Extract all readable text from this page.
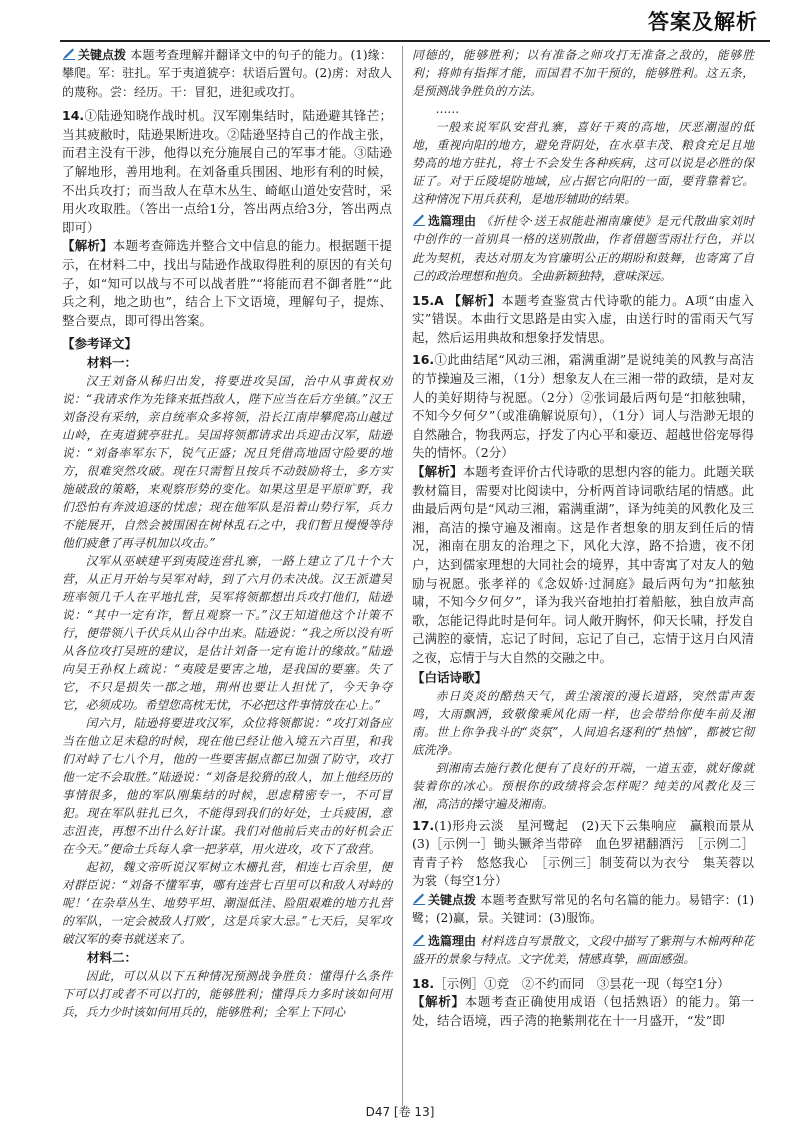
答案及解析

关键点拨 本题考查理解并翻译文中的句子的能力。(1)缘：攀爬。军：驻扎。军于夷道猇亭：状语后置句。(2)虏：对敌人的蔑称。尝：经历。干：冒犯，进犯或攻打。

14.①陆逊知晓作战时机。汉军刚集结时，陆逊避其锋芒；当其疲敝时，陆逊果断进攻。②陆逊坚持自己的作战主张，而君主没有干涉，他得以充分施展自己的军事才能。③陆逊了解地形，善用地利。在刘备重兵围困、地形有利的时候，不出兵攻打；而当敌人在草木丛生、崎岖山道处安营时，采用火攻取胜。（答出一点给1分，答出两点给3分，答出两点即可）

【解析】本题考查筛选并整合文中信息的能力。根据题干提示，在材料二中，找出与陆逊作战取得胜利的原因的有关句子，如“知可以战与不可以战者胜”“将能而君不御者胜”“此兵之利，地之助也”，结合上下文语境，理解句子，提炼、整合要点，即可得出答案。

【参考译文】

材料一：

汉王刘备从秭归出发，将要进攻吴国，治中从事黄权劝说：“我请求作为先锋来抵挡敌人，陛下应当在后方坐镇。”汉王刘备没有采纳，亲自统率众多将领，沿长江南岸攀爬高山越过山岭，在夷道猇亭驻扎。吴国将领都请求出兵迎击汉军，陆逊说：“刘备率军东下，锐气正盛；况且凭借高地固守险要的地方，很难突然攻破。现在只需暂且按兵不动鼓励将士，多方实施破敌的策略，来观察形势的变化。如果这里是平原旷野，我们恐怕有奔波追逐的忧虑；现在他军队是沿着山势行军，兵力不能展开，自然会被围困在树林乱石之中，我们暂且慢慢等待他们疲惫了再寻机加以攻击。”

汉军从巫峡建平到夷陵连营扎寨，一路上建立了几十个大营，从正月开始与吴军对峙，到了六月仍未决战。汉王派遣吴班率领几千人在平地扎营，吴军将领都想出兵攻打他们，陆逊说：“其中一定有诈，暂且观察一下。”汉王知道他这个计策不行，便带领八千伏兵从山谷中出来。陆逊说：“我之所以没有听从各位攻打吴班的建议，是估计刘备一定有诡计的缘故。”陆逊向吴王孙权上疏说：“夷陵是要害之地，是我国的要塞。失了它，不只是损失一郡之地，荆州也要让人担忧了，今天争夺它，必须成功。希望您高枕无忧，不必把这件事情放在心上。”

闰六月，陆逊将要进攻汉军，众位将领都说：“攻打刘备应当在他立足未稳的时候，现在他已经让他入境五六百里，和我们对峙了七八个月，他的一些要害据点都已加强了防守，攻打他一定不会取胜。”陆逊说：“刘备是狡猾的敌人，加上他经历的事情很多，他的军队刚集结的时候，思虑精密专一，不可冒犯。现在军队驻扎已久，不能得到我们的好处，士兵疲困，意志沮丧，再想不出什么好计谋。我们对他前后夹击的好机会正在今天。”便命士兵每人拿一把茅草，用火进攻，攻下了敌营。

起初，魏文帝听说汉军树立木栅扎营，相连七百余里，便对群臣说：“刘备不懂军事，哪有连营七百里可以和敌人对峙的呢！‘在杂草丛生、地势平坦、潮湿低洼、险阻艰难的地方扎营的军队，一定会被敌人打败’，这是兵家大忌。”七天后，吴军攻破汉军的奏书就送来了。

材料二：

因此，可以从以下五种情况预测战争胜负：懂得什么条件下可以打或者不可以打的，能够胜利；懂得兵力多时该如何用兵，兵力少时该如何用兵的，能够胜利；全军上下同心

同德的，能够胜利；以有准备之师攻打无准备之敌的，能够胜利；将帅有指挥才能，而国君不加干预的，能够胜利。这五条，是预测战争胜负的方法。

……

一般来说军队安营扎寨，喜好干爽的高地，厌恶潮湿的低地，重视向阳的地方，避免背阴处，在水草丰茂、粮食充足且地势高的地方驻扎，将士不会发生各种疾病，这可以说是必胜的保证了。对于丘陵堤防地域，应占据它向阳的一面，要背靠着它。这种情况下用兵获利，是地形辅助的结果。

选篇理由 《折桂令·送王叔能赴湘南廉使》是元代散曲家刘时中创作的一首别具一格的送别散曲，作者借题雪雨壮行色，并以此为契机，表达对朋友为官廉明公正的期盼和鼓舞，也寄寓了自己的政治理想和抱负。全曲新颖独特，意味深远。

15.A 【解析】本题考查鉴赏古代诗歌的能力。A项“由虚入实”错误。本曲行文思路是由实入虚，由送行时的雷雨天气写起，然后运用典故和想象抒发情思。

16.①此曲结尾“风动三湘，霜满重湖”是说纯美的风教与高洁的节操遍及三湘，（1分）想象友人在三湘一带的政绩，是对友人的美好期待与祝愿。（2分）②张词最后两句是“扣舷独啸，不知今夕何夕”（或准确解说原句），（1分）词人与浩渺无垠的自然融合，物我两忘，抒发了内心平和豪迈、超越世俗宠辱得失的情怀。（2分）

【解析】本题考查评价古代诗歌的思想内容的能力。此题关联教材篇目，需要对比阅读中，分析两首诗词歌结尾的情感。此曲最后两句是“风动三湘，霜满重湖”，译为纯美的风教化及三湘，高洁的操守遍及湘南。这是作者想象的朋友到任后的情况，湘南在朋友的治理之下，风化大淳，路不拾遗，夜不闭户，达到儒家理想的大同社会的境界，其中寄寓了对友人的勉励与祝愿。张孝祥的《念奴娇·过洞庭》最后两句为“扣舷独啸，不知今夕何夕”，译为我兴奋地拍打着船舷，独自放声高歌，怎能记得此时是何年。词人敞开胸怀，仰天长啸，抒发自己满腔的豪情，忘记了时间，忘记了自己，忘情于这月白风清之夜，忘情于与大自然的交融之中。

【白话诗歌】

赤日炎炎的酷热天气，黄尘滚滚的漫长道路，突然雷声轰鸣，大雨飘洒，致敬像乘风化雨一样，也会带给你使车前及湘南。世上你争我斗的“炎氛”，人间追名逐利的“热恼”，都被它彻底洗净。

到湘南去施行教化便有了良好的开端，一道玉壶，就好像就装着你的冰心。预根你的政绩将会怎样呢？纯美的风教化及三湘，高洁的操守遍及湘南。

17.(1)形舟云淡　星河鹭起　(2)天下云集响应　赢粮而景从　(3)［示例一］锄头镢斧当带碎　血色罗裙翻酒污　［示例二］青青子衿　悠悠我心　［示例三］制芰荷以为衣兮　集芙蓉以为裳（每空1分）

关键点拨 本题考查默写常见的名句名篇的能力。易错字：(1)鹭；(2)赢，景。关键词：(3)服饰。

选篇理由 材料选自写景散文，文段中描写了紫荆与木棉两种花盛开的景象与特点。文字优美，情感真挚，画面感强。

18.［示例］①竞　②不约而同　③昙花一现（每空1分）

【解析】本题考查正确使用成语（包括熟语）的能力。第一处，结合语境，西子湾的艳紫荆花在十一月盛开，“发”即

D47 [卷 13]
